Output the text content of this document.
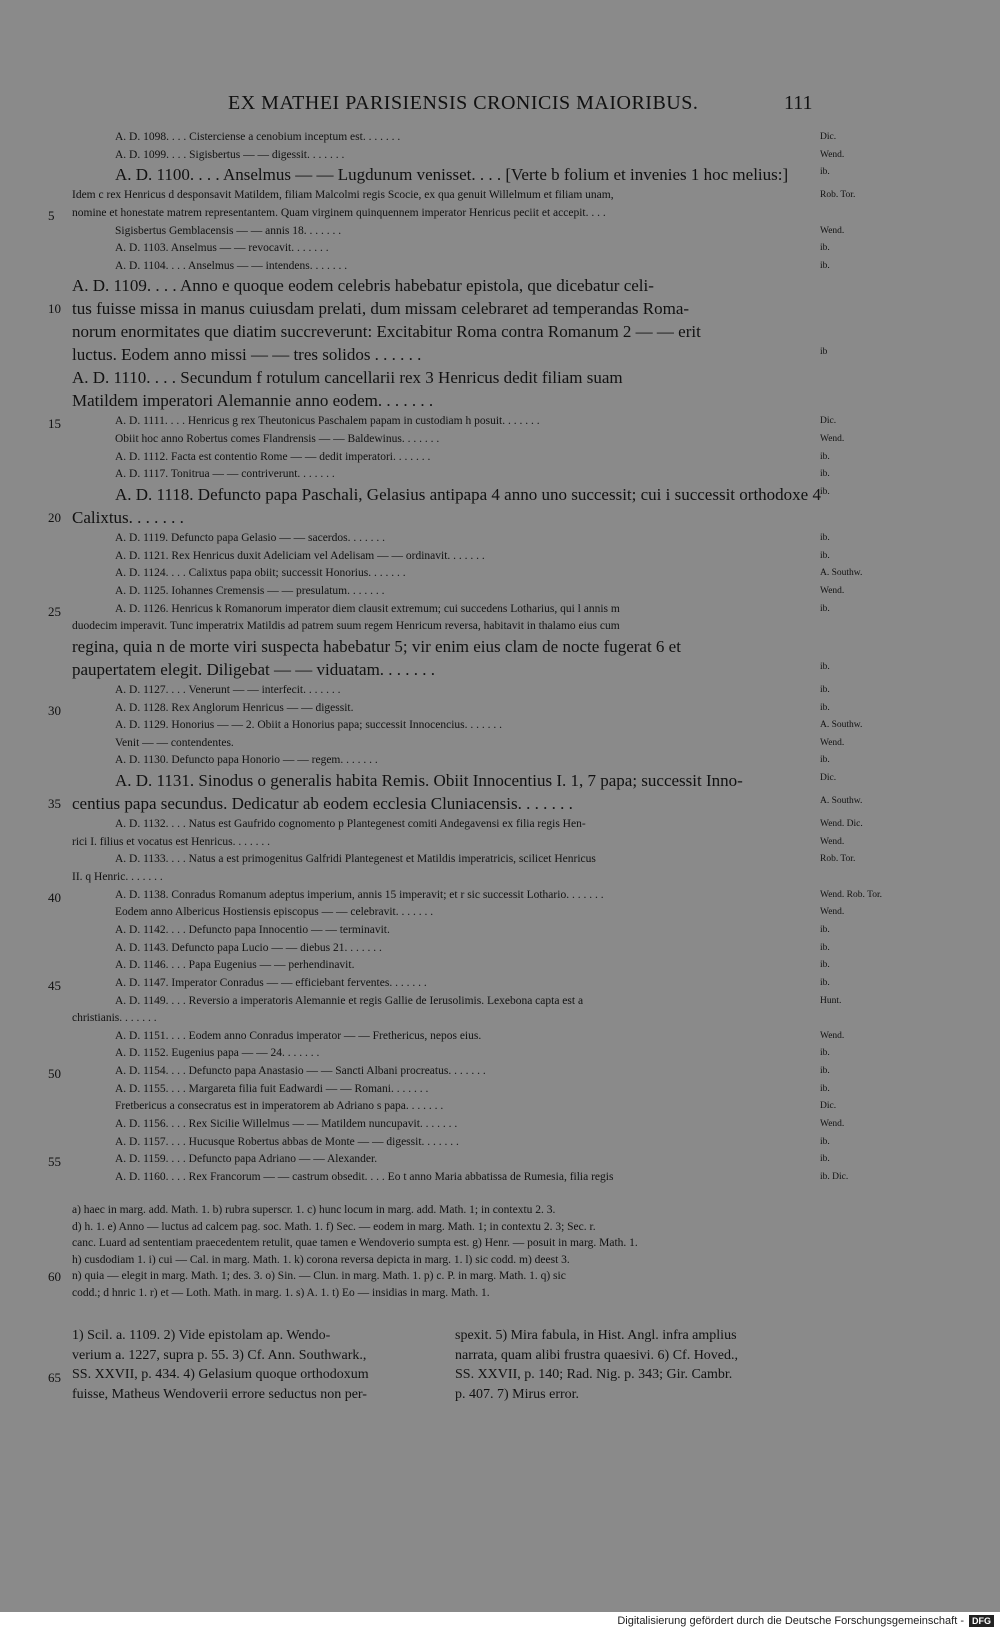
EX MATHEI PARISIENSIS CRONICIS MAIORIBUS.	111
A. D. 1098. . . . Cisterciense a cenobium inceptum est. . . . . . .	Dic.
A. D. 1099. . . . Sigisbertus — — digessit. . . . . . .	Wend.
A. D. 1100. . . . Anselmus — — Lugdunum venisset. . . . [Verte b folium et invenies 1 hoc melius:]	ib.
Idem c rex Henricus d desponsavit Matildem, filiam Malcolmi regis Scocie, ex qua genuit Willelmum et filiam unam,	Rob. Tor.
5 nomine et honestate matrem representantem. Quam virginem quinquennem imperator Henricus peciit et accepit. . . .
Sigisbertus Gemblacensis — — annis 18. . . . . . .	Wend.
A. D. 1103. Anselmus — — revocavit. . . . . . .	ib.
A. D. 1104. . . . Anselmus — — intendens. . . . . . .	ib.
A. D. 1109. . . . Anno e quoque eodem celebris habebatur epistola, que dicebatur celi-
10 tus fuisse missa in manus cuiusdam prelati, dum missam celebraret ad temperandas Roma-
norum enormitates que diatim succreverunt: Excitabitur Roma contra Romanum 2 — — erit
luctus. Eodem anno missi — — tres solidos . . . . . .	ib
A. D. 1110. . . . Secundum f rotulum cancellarii rex 3 Henricus dedit filiam suam
Matildem imperatori Alemannie anno eodem. . . . . . .
15	A. D. 1111. . . . Henricus g rex Theutonicus Paschalem papam in custodiam h posuit. . . . . . .	Dic.
Obiit hoc anno Robertus comes Flandrensis — — Baldewinus. . . . . . .	Wend.
A. D. 1112. Facta est contentio Rome — — dedit imperatori. . . . . . .	ib.
A. D. 1117. Tonitrua — — contriverunt. . . . . . .	ib.
A. D. 1118. Defuncto papa Paschali, Gelasius antipapa 4 anno uno successit; cui i successit orthodoxe 4 ib.
20 Calixtus. . . . . . .
A. D. 1119. Defuncto papa Gelasio — — sacerdos. . . . . . .	ib.
A. D. 1121. Rex Henricus duxit Adeliciam vel Adelisam — — ordinavit. . . . . . .	ib.
A. D. 1124. . . . Calixtus papa obiit; successit Honorius. . . . . . .	A. Southw.
A. D. 1125. Iohannes Cremensis — — presulatum. . . . . . .	Wend.
25	A. D. 1126. Henricus k Romanorum imperator diem clausit extremum; cui succedens Lotharius, qui l annis m	ib.
duodecim imperavit. Tunc imperatrix Matildis ad patrem suum regem Henricum reversa, habitavit in thalamo eius cum
regina, quia n de morte viri suspecta habebatur 5; vir enim eius clam de nocte fugerat 6 et
paupertatem elegit. Diligebat — — viduatam. . . . . . .	ib.
A. D. 1127. . . . Venerunt — — interfecit. . . . . . .	ib.
30	A. D. 1128. Rex Anglorum Henricus — — digessit.	ib.
A. D. 1129. Honorius — — 2. Obiit a Honorius papa; successit Innocencius. . . . . . .	A. Southw.
Venit — — contendentes.	Wend.
A. D. 1130. Defuncto papa Honorio — — regem. . . . . . .	ib.
A. D. 1131. Sinodus o generalis habita Remis. Obiit Innocentius I. 1, 7 papa; successit Inno-	Dic.
35 centius papa secundus. Dedicatur ab eodem ecclesia Cluniacensis. . . . . . .	A. Southw.
A. D. 1132. . . . Natus est Gaufrido cognomento p Plantegenest comiti Andegavensi ex filia regis Hen-	Wend. Dic.
rici I. filius et vocatus est Henricus. . . . . . .	Wend.
A. D. 1133. . . . Natus a est primogenitus Galfridi Plantegenest et Matildis imperatricis, scilicet Henricus	Rob. Tor.
II. q Henric. . . . . . .
40	A. D. 1138. Conradus Romanum adeptus imperium, annis 15 imperavit; et r sic successit Lothario. . . . . . .	Wend. Rob. Tor.
Eodem anno Albericus Hostiensis episcopus — — celebravit. . . . . . .	Wend.
A. D. 1142. . . . Defuncto papa Innocentio — — terminavit.	ib.
A. D. 1143. Defuncto papa Lucio — — diebus 21. . . . . . .	ib.
A. D. 1146. . . . Papa Eugenius — — perhendinavit.	ib.
45	A. D. 1147. Imperator Conradus — — efficiebant ferventes. . . . . . .	ib.
A. D. 1149. . . . Reversio a imperatoris Alemannie et regis Gallie de Ierusolimis. Lexebona capta est a	Hunt.
christianis. . . . . . .
A. D. 1151. . . . Eodem anno Conradus imperator — — Frethericus, nepos eius.	Wend.
A. D. 1152. Eugenius papa — — 24. . . . . . .	ib.
50	A. D. 1154. . . . Defuncto papa Anastasio — — Sancti Albani procreatus. . . . . . .	ib.
A. D. 1155. . . . Margareta filia fuit Eadwardi — — Romani. . . . . . .	ib.
Fretbericus a consecratus est in imperatorem ab Adriano s papa. . . . . . .	Dic.
A. D. 1156. . . . Rex Sicilie Willelmus — — Matildem nuncupavit. . . . . . .	Wend.
A. D. 1157. . . . Hucusque Robertus abbas de Monte — — digessit. . . . . . .	ib.
55	A. D. 1159. . . . Defuncto papa Adriano — — Alexander.	ib.
A. D. 1160. . . . Rex Francorum — — castrum obsedit. . . . Eo t anno Maria abbatissa de Rumesia, filia regis	ib. Dic.
60
a) haec in marg. add. Math. 1. b) rubra superscr. 1. c) hunc locum in marg. add. Math. 1; in contextu 2. 3.
d) h. 1. e) Anno — luctus ad calcem pag. soc. Math. 1. f) Sec. — eodem in marg. Math. 1; in contextu 2. 3; Sec. r.
canc. Luard ad sententiam praecedentem retulit, quae tamen e Wendoverio sumpta est. g) Henr. — posuit in marg. Math. 1.
h) cusdodiam 1. i) cui — Cal. in marg. Math. 1. k) corona reversa depicta in marg. 1. l) sic codd. m) deest 3.
n) quia — elegit in marg. Math. 1; des. 3. o) Sin. — Clun. in marg. Math. 1. p) c. P. in marg. Math. 1. q) sic
codd.; d hnric 1. r) et — Loth. Math. in marg. 1. s) A. 1. t) Eo — insidias in marg. Math. 1.
65
1) Scil. a. 1109. 2) Vide epistolam ap. Wendo-
verium a. 1227, supra p. 55. 3) Cf. Ann. Southwark.,
SS. XXVII, p. 434. 4) Gelasium quoque orthodoxum
fuisse, Matheus Wendoverii errore seductus non per-
spexit. 5) Mira fabula, in Hist. Angl. infra amplius
narrata, quam alibi frustra quaesivi. 6) Cf. Hoved.,
SS. XXVII, p. 140; Rad. Nig. p. 343; Gir. Cambr.
p. 407. 7) Mirus error.
Digitalisierung gefördert durch die Deutsche Forschungsgemeinschaft - DFG
